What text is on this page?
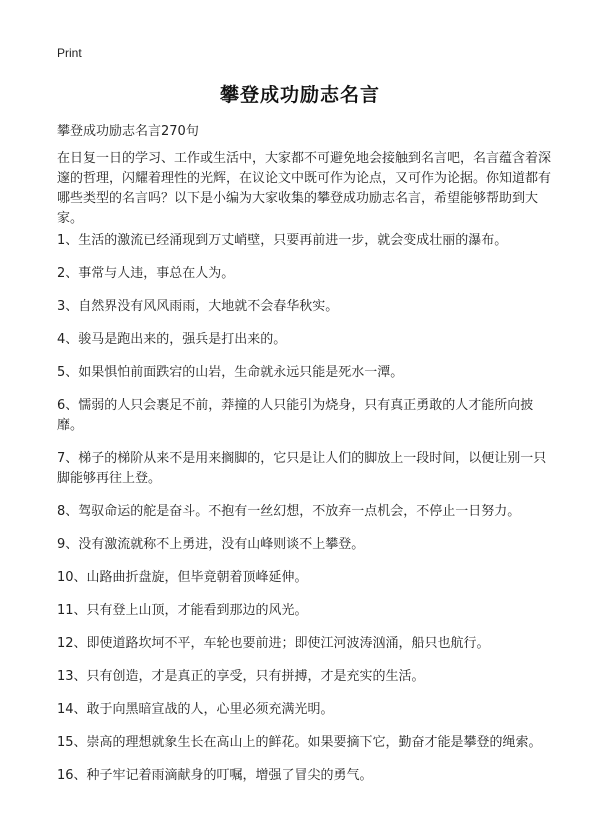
Print
攀登成功励志名言
攀登成功励志名言270句

在日复一日的学习、工作或生活中，大家都不可避免地会接触到名言吧，名言蕴含着深邃的哲理，闪耀着理性的光辉，在议论文中既可作为论点，又可作为论据。你知道都有哪些类型的名言吗？以下是小编为大家收集的攀登成功励志名言，希望能够帮助到大家。

1、生活的激流已经涌现到万丈峭壁，只要再前进一步，就会变成壮丽的瀑布。
2、事常与人违，事总在人为。
3、自然界没有风风雨雨，大地就不会春华秋实。
4、骏马是跑出来的，强兵是打出来的。
5、如果惧怕前面跌宕的山岩，生命就永远只能是死水一潭。
6、懦弱的人只会裹足不前，莽撞的人只能引为烧身，只有真正勇敢的人才能所向披靡。
7、梯子的梯阶从来不是用来搁脚的，它只是让人们的脚放上一段时间，以便让别一只脚能够再往上登。
8、驾驭命运的舵是奋斗。不抱有一丝幻想，不放弃一点机会，不停止一日努力。
9、没有激流就称不上勇进，没有山峰则谈不上攀登。
10、山路曲折盘旋，但毕竟朝着顶峰延伸。
11、只有登上山顶，才能看到那边的风光。
12、即使道路坎坷不平，车轮也要前进；即使江河波涛汹涌，船只也航行。
13、只有创造，才是真正的享受，只有拼搏，才是充实的生活。
14、敢于向黑暗宣战的人，心里必须充满光明。
15、崇高的理想就象生长在高山上的鲜花。如果要摘下它，勤奋才能是攀登的绳索。
16、种子牢记着雨滴献身的叮嘱，增强了冒尖的勇气。
